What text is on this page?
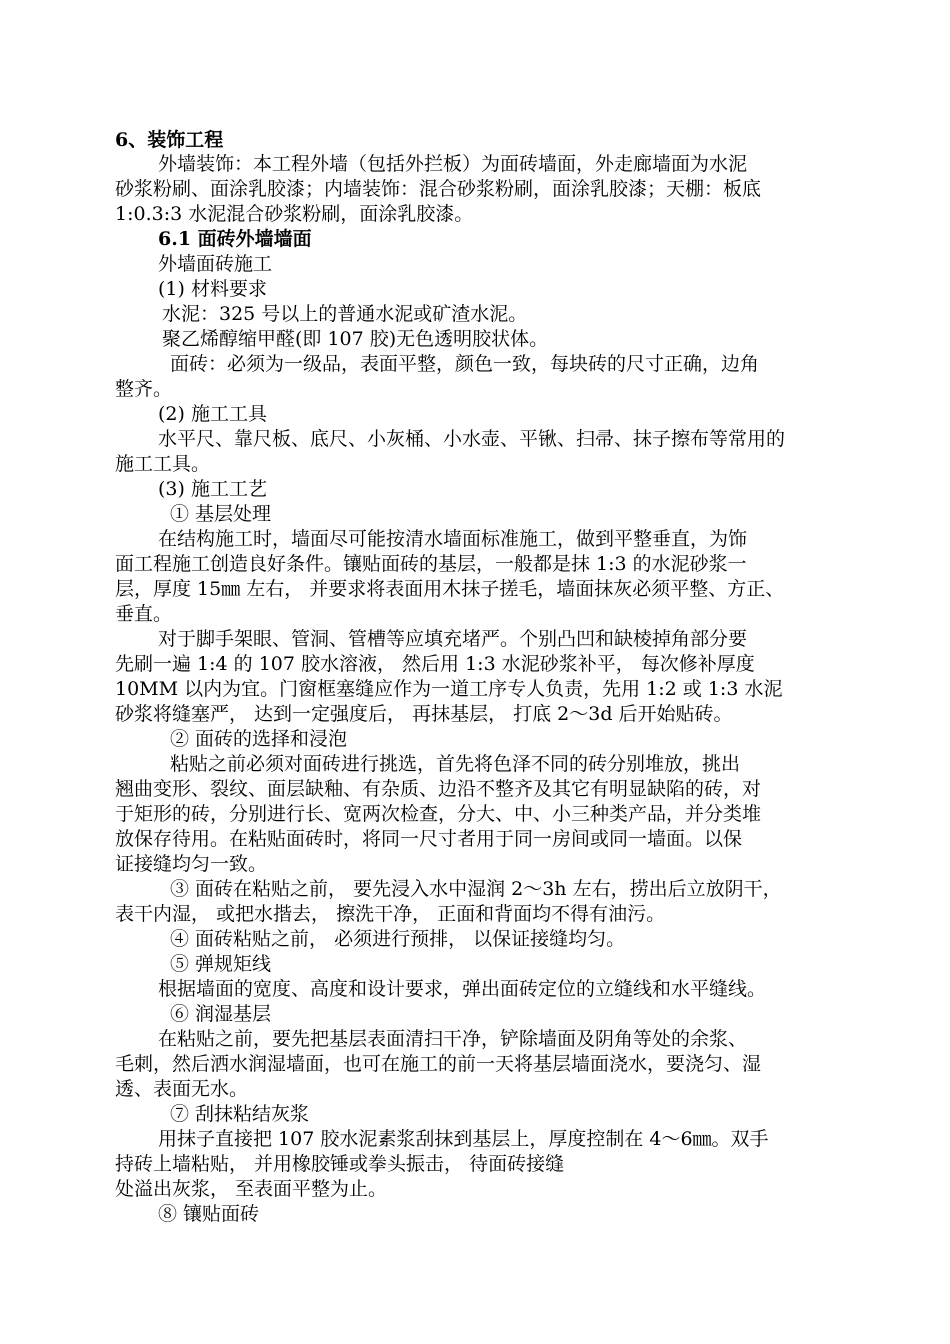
6、装饰工程
外墙装饰：本工程外墙（包括外拦板）为面砖墙面，外走廊墙面为水泥
砂浆粉刷、面涂乳胶漆；内墙装饰：混合砂浆粉刷，面涂乳胶漆；天棚：板底
1:0.3:3 水泥混合砂浆粉刷，面涂乳胶漆。
6.1 面砖外墙墙面
外墙面砖施工
(1) 材料要求
水泥：325 号以上的普通水泥或矿渣水泥。
聚乙烯醇缩甲醛(即 107 胶)无色透明胶状体。
面砖：必须为一级品，表面平整，颜色一致，每块砖的尺寸正确，边角
整齐。
(2) 施工工具
水平尺、靠尺板、底尺、小灰桶、小水壶、平锹、扫帚、抹子擦布等常用的
施工工具。
(3) 施工工艺
① 基层处理
在结构施工时，墙面尽可能按清水墙面标准施工，做到平整垂直，为饰
面工程施工创造良好条件。镶贴面砖的基层，一般都是抹 1:3 的水泥砂浆一
层，厚度 15㎜ 左右， 并要求将表面用木抹子搓毛，墙面抹灰必须平整、方正、
垂直。
对于脚手架眼、管洞、管槽等应填充堵严。个别凸凹和缺棱掉角部分要
先刷一遍 1:4 的 107 胶水溶液， 然后用 1:3 水泥砂浆补平， 每次修补厚度
10MM 以内为宜。门窗框塞缝应作为一道工序专人负责，先用 1:2 或 1:3 水泥
砂浆将缝塞严， 达到一定强度后， 再抹基层， 打底 2～3d 后开始贴砖。
② 面砖的选择和浸泡
粘贴之前必须对面砖进行挑选，首先将色泽不同的砖分别堆放，挑出
翘曲变形、裂纹、面层缺釉、有杂质、边沿不整齐及其它有明显缺陷的砖，对
于矩形的砖，分别进行长、宽两次检查，分大、中、小三种类产品，并分类堆
放保存待用。在粘贴面砖时，将同一尺寸者用于同一房间或同一墙面。以保
证接缝均匀一致。
③ 面砖在粘贴之前， 要先浸入水中湿润 2～3h 左右，捞出后立放阴干，
表干内湿， 或把水揩去， 擦洗干净， 正面和背面均不得有油污。
④ 面砖粘贴之前， 必须进行预排， 以保证接缝均匀。
⑤ 弹规矩线
根据墙面的宽度、高度和设计要求，弹出面砖定位的立缝线和水平缝线。
⑥ 润湿基层
在粘贴之前，要先把基层表面清扫干净，铲除墙面及阴角等处的余浆、
毛刺，然后洒水润湿墙面，也可在施工的前一天将基层墙面浇水，要浇匀、湿
透、表面无水。
⑦ 刮抹粘结灰浆
用抹子直接把 107 胶水泥素浆刮抹到基层上，厚度控制在 4～6㎜。双手
持砖上墙粘贴， 并用橡胶锤或拳头振击， 待面砖接缝
处溢出灰浆， 至表面平整为止。
⑧ 镶贴面砖
